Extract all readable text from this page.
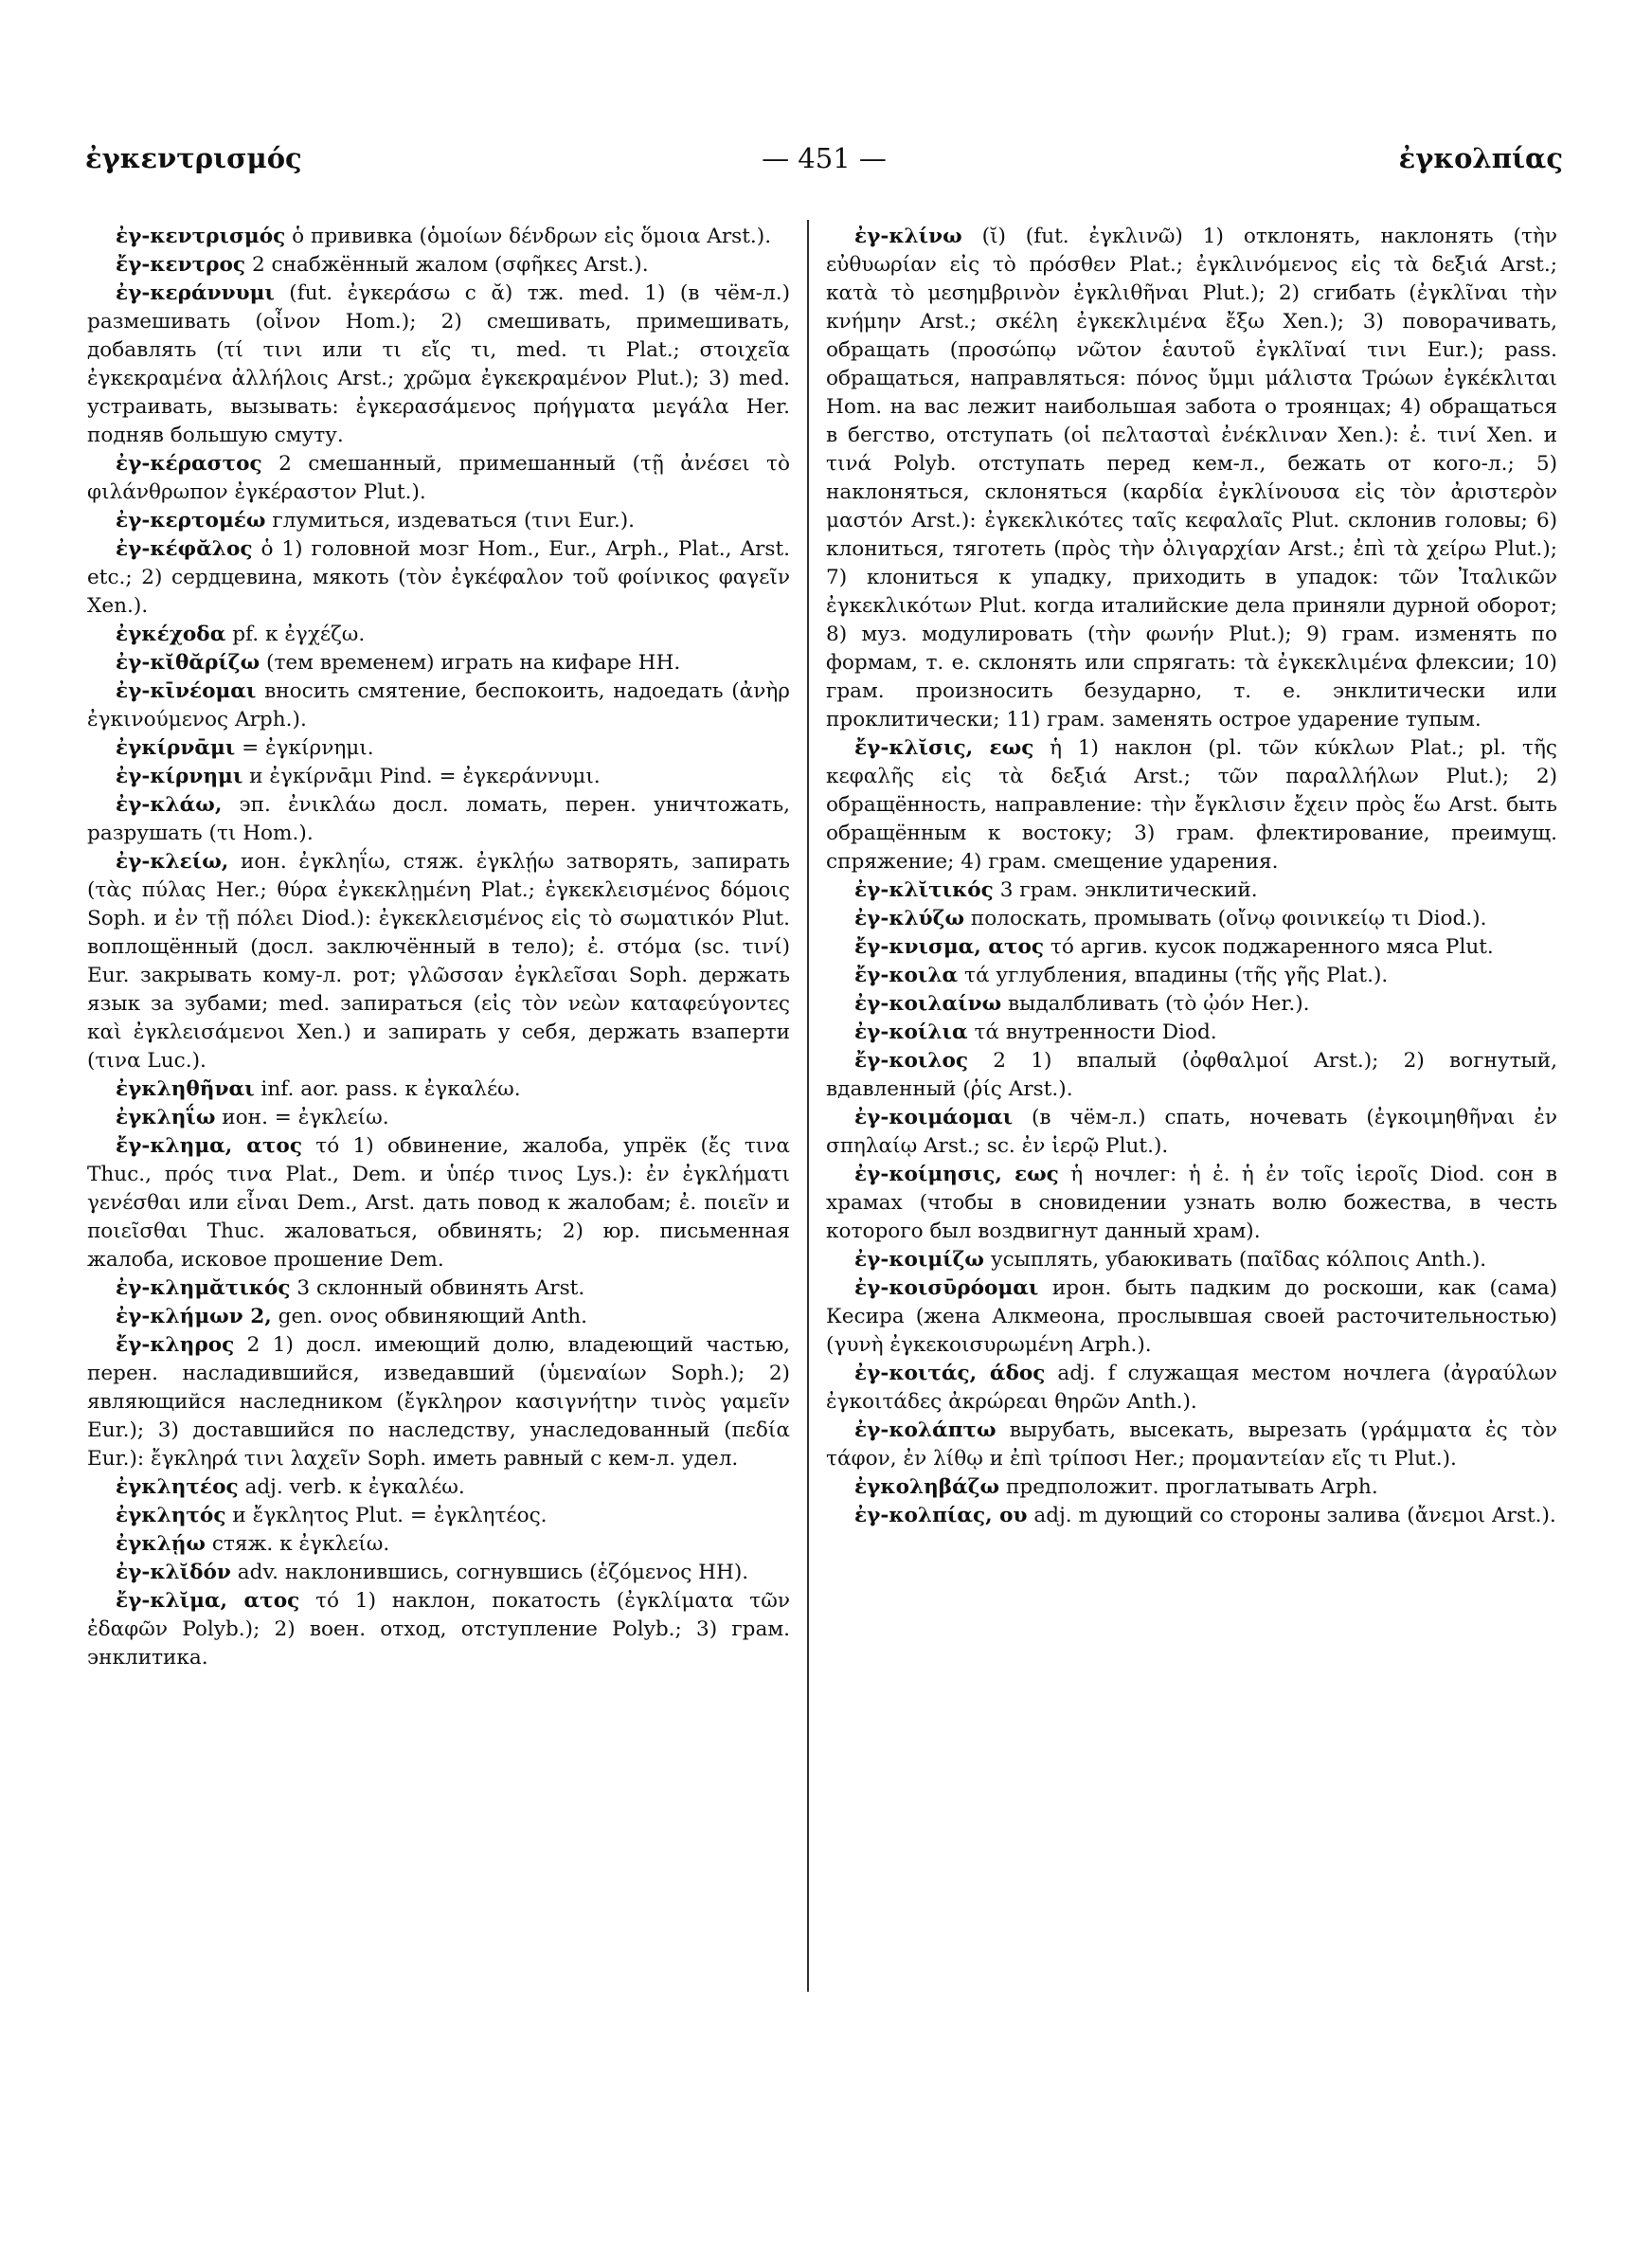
ἐγκεντρισμός	— 451 —	ἐγκολπίας

ἐγ-κεντρισμός ὁ прививка (ὁμοίων δένδρων εἰς ὅμοια Arst.).

ἔγ-κεντρος 2 снабжённый жалом (σφῆκες Arst.).

ἐγ-κεράννυμι (fut. ἐγκεράσω с ᾰ) тж. med. 1) (в чём-л.) размешивать (οἶνον Hom.); 2) смешивать, примешивать, добавлять (τί τινι или τι εἴς τι, med. τι Plat.; στοιχεῖα ἐγκεκραμένα ἀλλήλοις Arst.; χρῶμα ἐγκεκραμένον Plut.); 3) med. устраивать, вызывать: ἐγκερασάμενος πρήγματα μεγάλα Her. подняв большую смуту.

ἐγ-κέραστος 2 смешанный, примешанный (τῇ ἀνέσει τὸ φιλάνθρωπον ἐγκέραστον Plut.).

ἐγ-κερτομέω глумиться, издеваться (τινι Eur.).

ἐγ-κέφᾰλος ὁ 1) головной мозг Hom., Eur., Arph., Plat., Arst. etc.; 2) сердцевина, мякоть (τὸν ἐγκέφαλον τοῦ φοίνικος φαγεῖν Xen.).

ἐγκέχοδα pf. к ἐγχέζω.

ἐγ-κῐθᾰρίζω (тем временем) играть на кифаре HH.

ἐγ-κῑνέομαι вносить смятение, беспокоить, надоедать (ἀνὴρ ἐγκινούμενος Arph.).

ἐγκίρνᾱμι = ἐγκίρνημι.

ἐγ-κίρνημι и ἐγκίρνᾱμι Pind. = ἐγκεράννυμι.

ἐγ-κλάω, эп. ἐνικλάω досл. ломать, перен. уничтожать, разрушать (τι Hom.).

ἐγ-κλείω, ион. ἐγκληΐω, стяж. ἐγκλῄω затворять, запирать (τὰς πύλας Her.; θύρα ἐγκεκλῃμένη Plat.; ἐγκεκλεισμένος δόμοις Soph. и ἐν τῇ πόλει Diod.): ἐγκεκλεισμένος εἰς τὸ σωματικόν Plut. воплощённый (досл. заключённый в тело); ἐ. στόμα (sc. τινί) Eur. закрывать кому-л. рот; γλῶσσαν ἐγκλεῖσαι Soph. держать язык за зубами; med. запираться (εἰς τὸν νεὼν καταφεύγοντες καὶ ἐγκλεισάμενοι Xen.) и запирать у себя, держать взаперти (τινα Luc.).

ἐγκληθῆναι inf. aor. pass. к ἐγκαλέω.

ἐγκληΐω ион. = ἐγκλείω.

ἔγ-κλημα, ατος τό 1) обвинение, жалоба, упрёк (ἔς τινα Thuc., πρός τινα Plat., Dem. и ὑπέρ τινος Lys.): ἐν ἐγκλήματι γενέσθαι или εἶναι Dem., Arst. дать повод к жалобам; ἐ. ποιεῖν и ποιεῖσθαι Thuc. жаловаться, обвинять; 2) юр. письменная жалоба, исковое прошение Dem.

ἐγ-κλημᾰτικός 3 склонный обвинять Arst.

ἐγ-κλήμων 2, gen. ονος обвиняющий Anth.

ἔγ-κληρος 2 1) досл. имеющий долю, владеющий частью, перен. насладившийся, изведавший (ὑμεναίων Soph.); 2) являющийся наследником (ἔγκληρον κασιγνήτην τινὸς γαμεῖν Eur.); 3) доставшийся по наследству, унаследованный (πεδία Eur.): ἔγκληρά τινι λαχεῖν Soph. иметь равный с кем-л. удел.

ἐγκλητέος adj. verb. к ἐγκαλέω.

ἐγκλητός и ἔγκλητος Plut. = ἐγκλητέος.

ἐγκλῄω стяж. к ἐγκλείω.

ἐγ-κλῐδόν adv. наклонившись, согнувшись (ἑζόμενος HH).

ἔγ-κλῐμα, ατος τό 1) наклон, покатость (ἐγκλίματα τῶν ἐδαφῶν Polyb.); 2) воен. отход, отступление Polyb.; 3) грам. энклитика.

ἐγ-κλίνω (ῐ) (fut. ἐγκλινῶ) 1) отклонять, наклонять (τὴν εὐθυωρίαν εἰς τὸ πρόσθεν Plat.; ἐγκλινόμενος εἰς τὰ δεξιά Arst.; κατὰ τὸ μεσημβρινὸν ἐγκλιθῆναι Plut.); 2) сгибать (ἐγκλῖναι τὴν κνήμην Arst.; σκέλη ἐγκεκλιμένα ἔξω Xen.); 3) поворачивать, обращать (προσώπῳ νῶτον ἑαυτοῦ ἐγκλῖναί τινι Eur.); pass. обращаться, направляться: πόνος ὔμμι μάλιστα Τρώων ἐγκέκλιται Hom. на вас лежит наибольшая забота о троянцах; 4) обращаться в бегство, отступать (οἱ πελτασταὶ ἐνέκλιναν Xen.): ἐ. τινί Xen. и τινά Polyb. отступать перед кем-л., бежать от кого-л.; 5) наклоняться, склоняться (καρδία ἐγκλίνουσα εἰς τὸν ἀριστερὸν μαστόν Arst.): ἐγκεκλικότες ταῖς κεφαλαῖς Plut. склонив головы; 6) клониться, тяготеть (πρὸς τὴν ὀλιγαρχίαν Arst.; ἐπὶ τὰ χείρω Plut.); 7) клониться к упадку, приходить в упадок: τῶν Ἰταλικῶν ἐγκεκλικότων Plut. когда италийские дела приняли дурной оборот; 8) муз. модулировать (τὴν φωνήν Plut.); 9) грам. изменять по формам, т. е. склонять или спрягать: τὰ ἐγκεκλιμένα флексии; 10) грам. произносить безударно, т. е. энклитически или проклитически; 11) грам. заменять острое ударение тупым.

ἔγ-κλῐσις, εως ἡ 1) наклон (pl. τῶν κύκλων Plat.; pl. τῆς κεφαλῆς εἰς τὰ δεξιά Arst.; τῶν παραλλήλων Plut.); 2) обращённость, направление: τὴν ἔγκλισιν ἔχειν πρὸς ἕω Arst. быть обращённым к востоку; 3) грам. флектирование, преимущ. спряжение; 4) грам. смещение ударения.

ἐγ-κλῐτικός 3 грам. энклитический.

ἐγ-κλύζω полоскать, промывать (οἴνῳ φοινικείῳ τι Diod.).

ἔγ-κνισμα, ατος τό аргив. кусок поджаренного мяса Plut.

ἔγ-κοιλα τά углубления, впадины (τῆς γῆς Plat.).

ἐγ-κοιλαίνω выдалбливать (τὸ ᾠόν Her.).

ἐγ-κοίλια τά внутренности Diod.

ἔγ-κοιλος 2 1) впалый (ὀφθαλμοί Arst.); 2) вогнутый, вдавленный (ῥίς Arst.).

ἐγ-κοιμάομαι (в чём-л.) спать, ночевать (ἐγκοιμηθῆναι ἐν σπηλαίῳ Arst.; sc. ἐν ἱερῷ Plut.).

ἐγ-κοίμησις, εως ἡ ночлег: ἡ ἐ. ἡ ἐν τοῖς ἱεροῖς Diod. сон в храмах (чтобы в сновидении узнать волю божества, в честь которого был воздвигнут данный храм).

ἐγ-κοιμίζω усыплять, убаюкивать (παῖδας κόλποις Anth.).

ἐγ-κοισῡρόομαι ирон. быть падким до роскоши, как (сама) Кесира (жена Алкмеона, прослывшая своей расточительностью) (γυνὴ ἐγκεκοισυρωμένη Arph.).

ἐγ-κοιτάς, άδος adj. f служащая местом ночлега (ἀγραύλων ἐγκοιτάδες ἀκρώρεαι θηρῶν Anth.).

ἐγ-κολάπτω вырубать, высекать, вырезать (γράμματα ἐς τὸν τάφον, ἐν λίθῳ и ἐπὶ τρίποσι Her.; προμαντείαν εἴς τι Plut.).

ἐγκοληβάζω предположит. проглатывать Arph.

ἐγ-κολπίας, ου adj. m дующий со стороны залива (ἄνεμοι Arst.).
